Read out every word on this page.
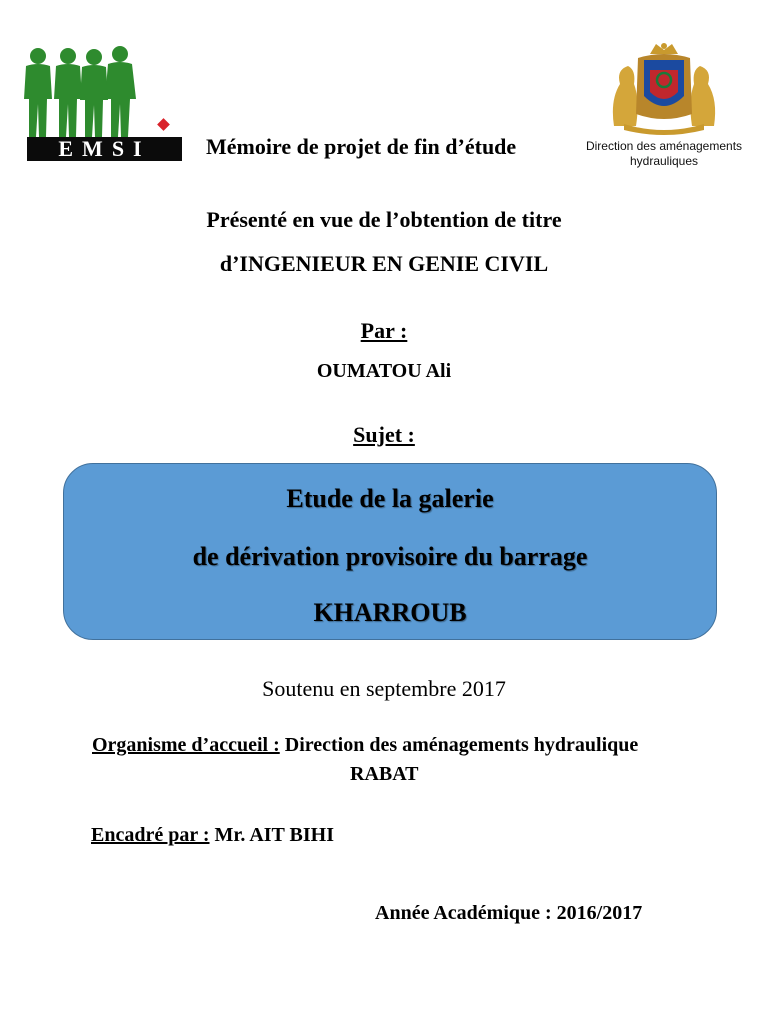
EMSI	Direction des aménagements
hydrauliques
Mémoire de projet de fin d’étude
Présenté en vue de l’obtention de titre
d’INGENIEUR EN GENIE CIVIL
Par :
OUMATOU Ali
Sujet :
Etude de la galerie
de dérivation provisoire du barrage
KHARROUB
Soutenu en septembre 2017
Organisme d’accueil : Direction des aménagements hydraulique
RABAT
Encadré par : Mr. AIT BIHI
Année Académique : 2016/2017
